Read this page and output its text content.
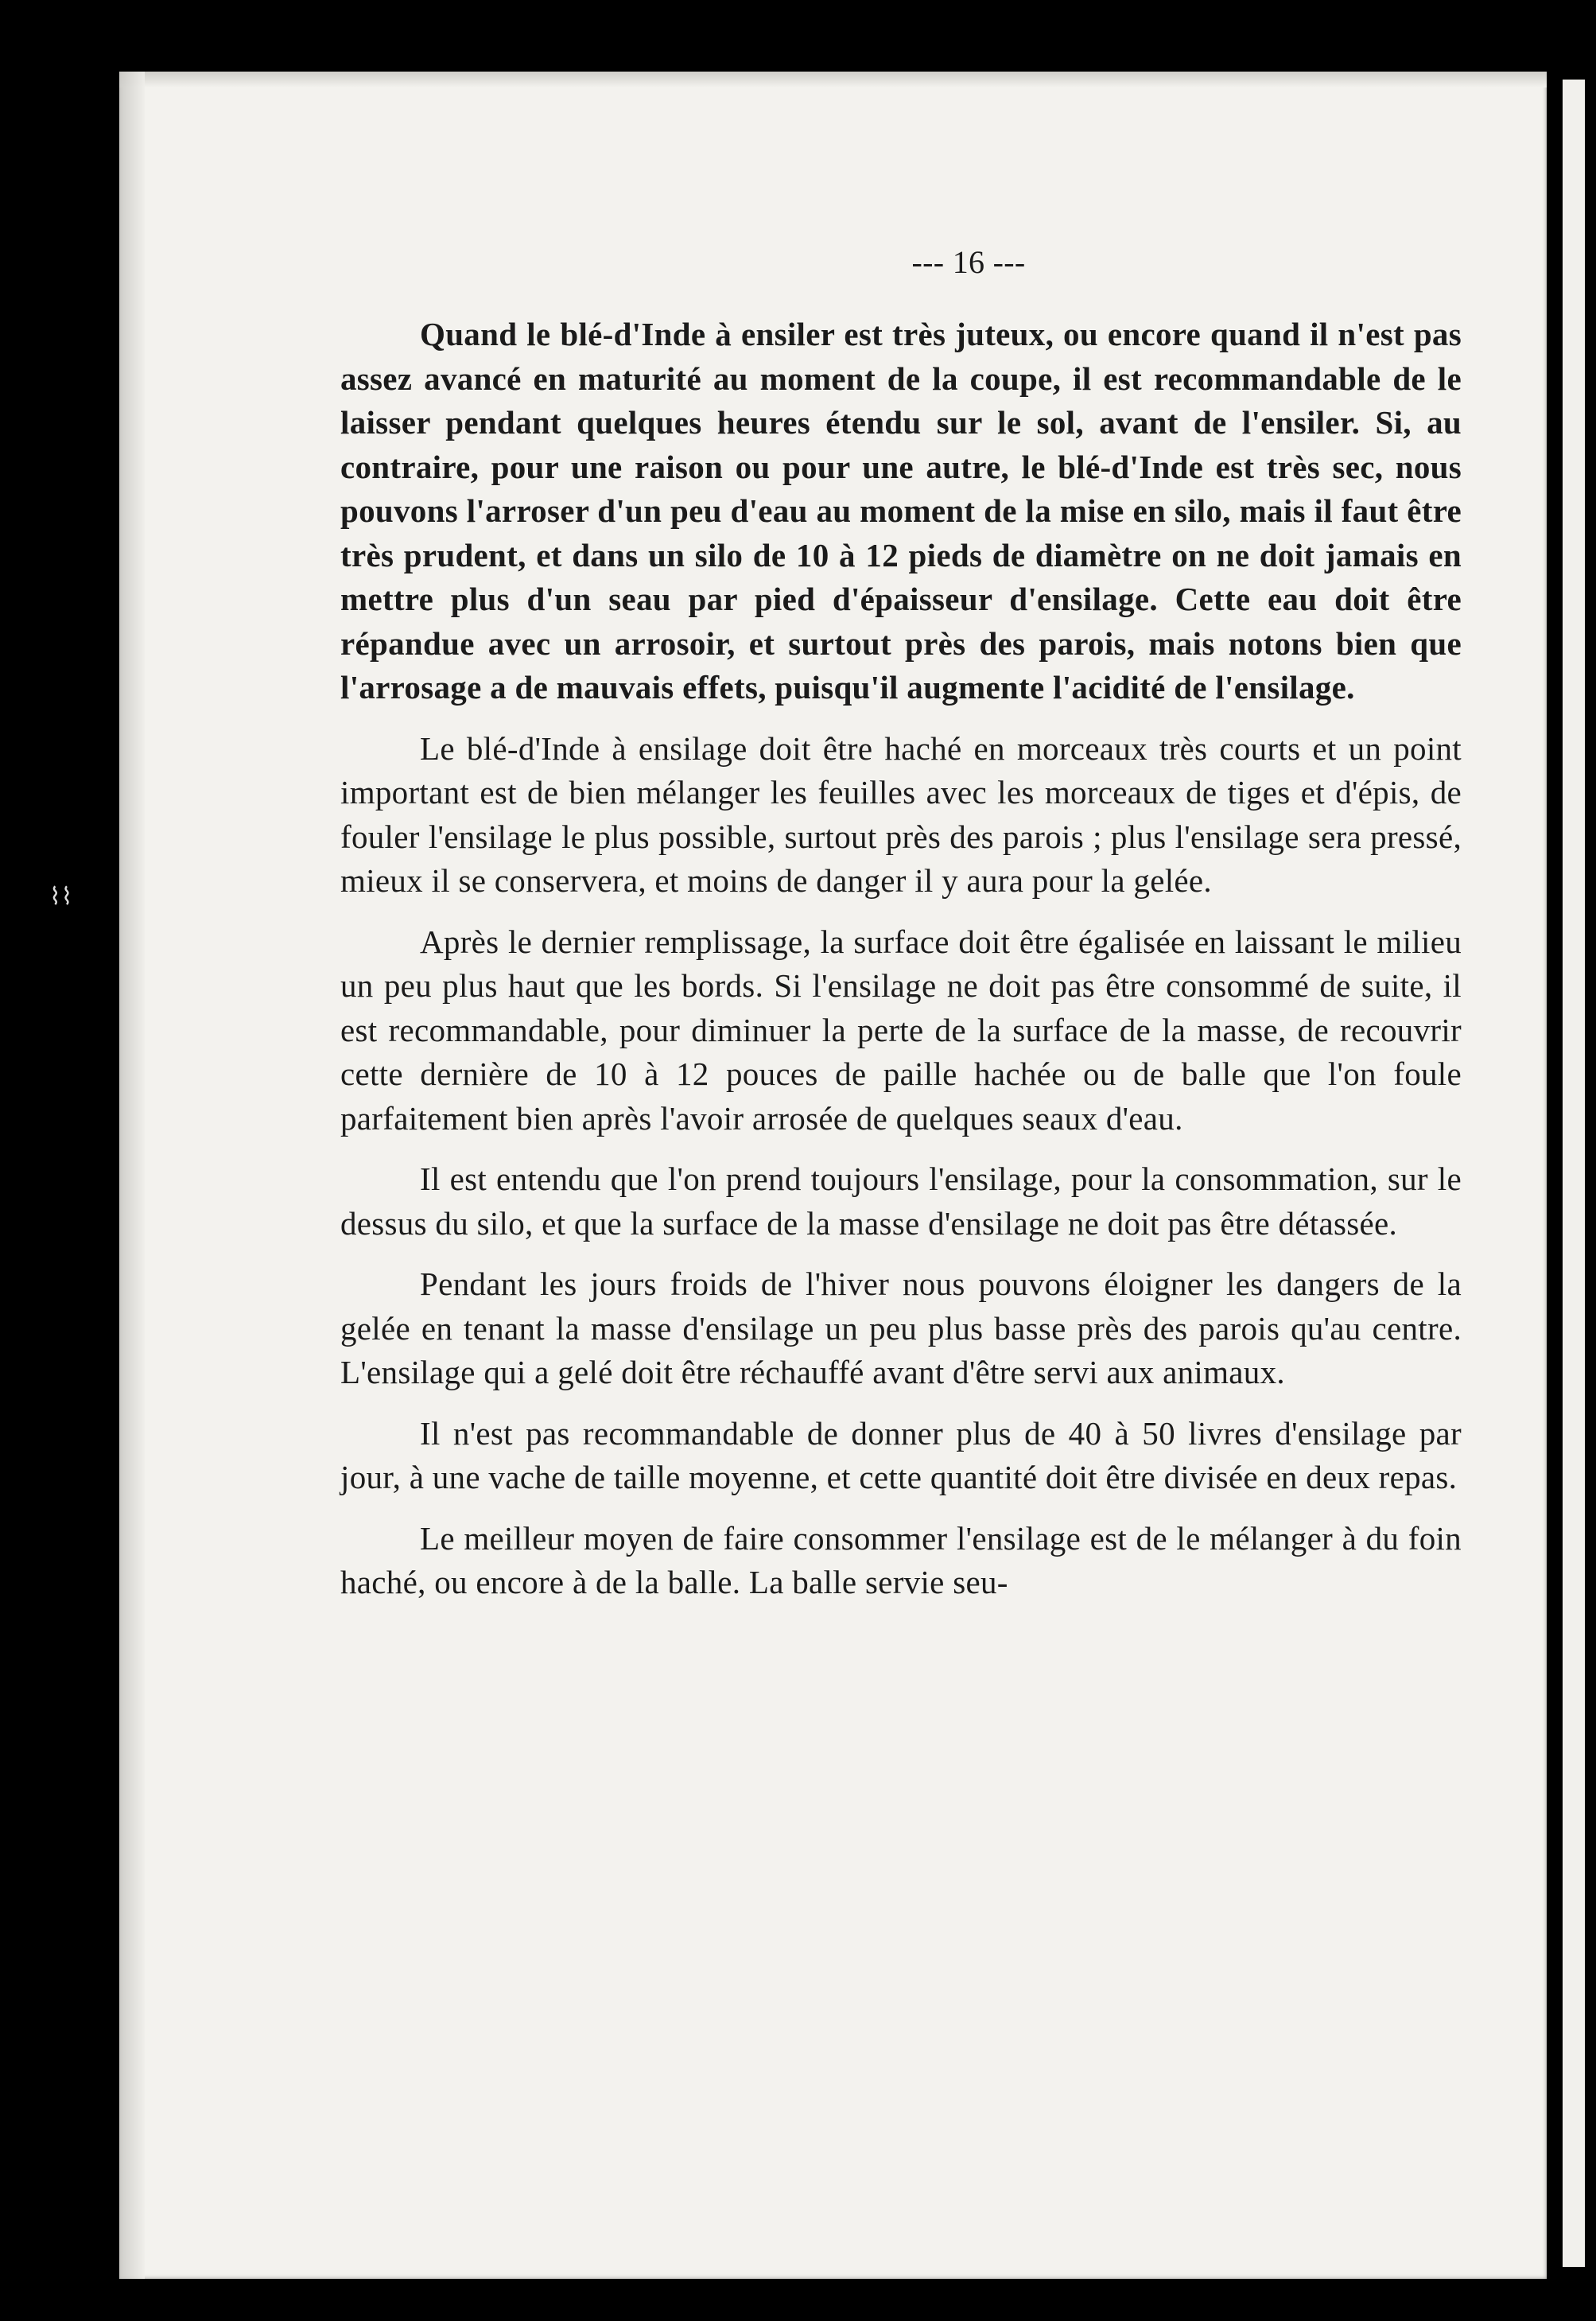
⌇⌇
--- 16 ---

Quand le blé-d'Inde à ensiler est très juteux, ou encore quand il n'est pas assez avancé en maturité au moment de la coupe, il est recommandable de le laisser pendant quelques heures étendu sur le sol, avant de l'ensiler. Si, au contraire, pour une raison ou pour une autre, le blé-d'Inde est très sec, nous pouvons l'arroser d'un peu d'eau au moment de la mise en silo, mais il faut être très prudent, et dans un silo de 10 à 12 pieds de diamètre on ne doit jamais en mettre plus d'un seau par pied d'épaisseur d'ensilage. Cette eau doit être répandue avec un arrosoir, et surtout près des parois, mais notons bien que l'arrosage a de mauvais effets, puisqu'il augmente l'acidité de l'ensilage.

Le blé-d'Inde à ensilage doit être haché en morceaux très courts et un point important est de bien mélanger les feuilles avec les morceaux de tiges et d'épis, de fouler l'ensilage le plus possible, surtout près des parois ; plus l'ensilage sera pressé, mieux il se conservera, et moins de danger il y aura pour la gelée.

Après le dernier remplissage, la surface doit être égalisée en laissant le milieu un peu plus haut que les bords. Si l'ensilage ne doit pas être consommé de suite, il est recommandable, pour diminuer la perte de la surface de la masse, de recouvrir cette dernière de 10 à 12 pouces de paille hachée ou de balle que l'on foule parfaitement bien après l'avoir arrosée de quelques seaux d'eau.

Il est entendu que l'on prend toujours l'ensilage, pour la consommation, sur le dessus du silo, et que la surface de la masse d'ensilage ne doit pas être détassée.

Pendant les jours froids de l'hiver nous pouvons éloigner les dangers de la gelée en tenant la masse d'ensilage un peu plus basse près des parois qu'au centre. L'ensilage qui a gelé doit être réchauffé avant d'être servi aux animaux.

Il n'est pas recommandable de donner plus de 40 à 50 livres d'ensilage par jour, à une vache de taille moyenne, et cette quantité doit être divisée en deux repas.

Le meilleur moyen de faire consommer l'ensilage est de le mélanger à du foin haché, ou encore à de la balle. La balle servie seu-
